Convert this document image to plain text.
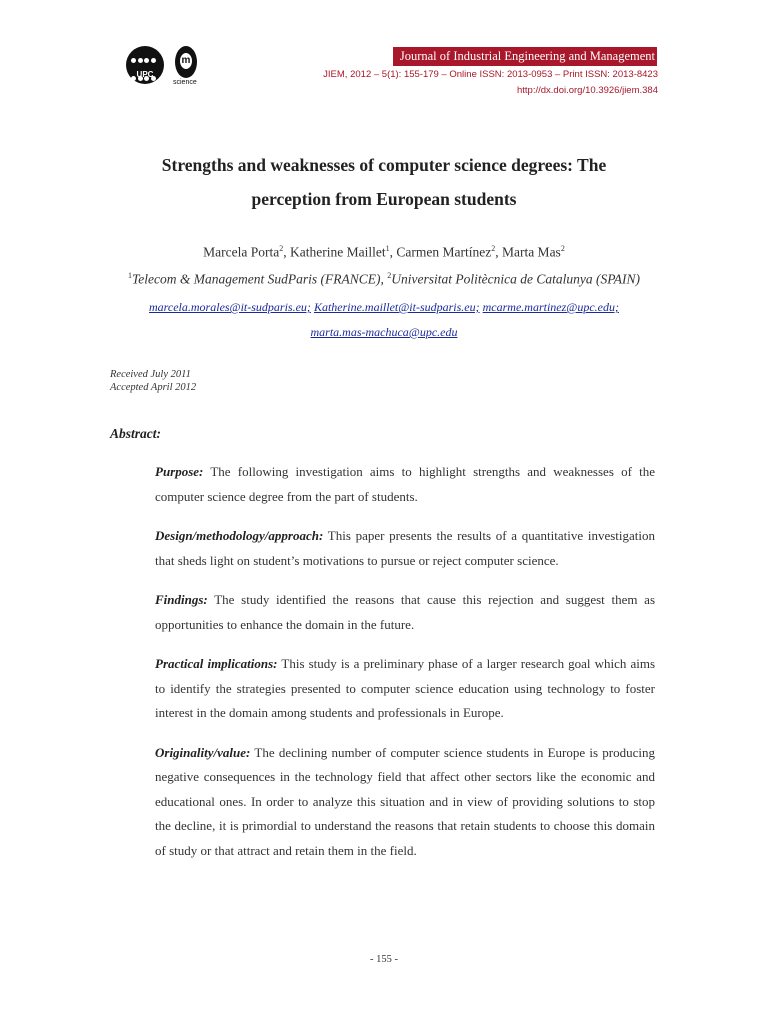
UPC
m
science
Journal of Industrial Engineering and Management
JIEM, 2012 – 5(1): 155-179 – Online ISSN: 2013-0953 – Print ISSN: 2013-8423
http://dx.doi.org/10.3926/jiem.384
Strengths and weaknesses of computer science degrees: The
perception from European students
Marcela Porta$^2$, Katherine Maillet$^1$, Carmen Martínez$^2$, Marta Mas$^2$
$^1$Telecom & Management SudParis (FRANCE), $^2$Universitat Politècnica de Catalunya (SPAIN)
marcela.morales@it-sudparis.eu; Katherine.maillet@it-sudparis.eu; mcarme.martinez@upc.edu;
marta.mas-machuca@upc.edu
Received July 2011
Accepted April 2012
Abstract:

Purpose: The following investigation aims to highlight strengths and weaknesses of the computer science degree from the part of students.

Design/methodology/approach: This paper presents the results of a quantitative investigation that sheds light on student’s motivations to pursue or reject computer science.

Findings: The study identified the reasons that cause this rejection and suggest them as opportunities to enhance the domain in the future.

Practical implications: This study is a preliminary phase of a larger research goal which aims to identify the strategies presented to computer science education using technology to foster interest in the domain among students and professionals in Europe.

Originality/value: The declining number of computer science students in Europe is producing negative consequences in the technology field that affect other sectors like the economic and educational ones. In order to analyze this situation and in view of providing solutions to stop the decline, it is primordial to understand the reasons that retain students to choose this domain of study or that attract and retain them in the field.

- 155 -
